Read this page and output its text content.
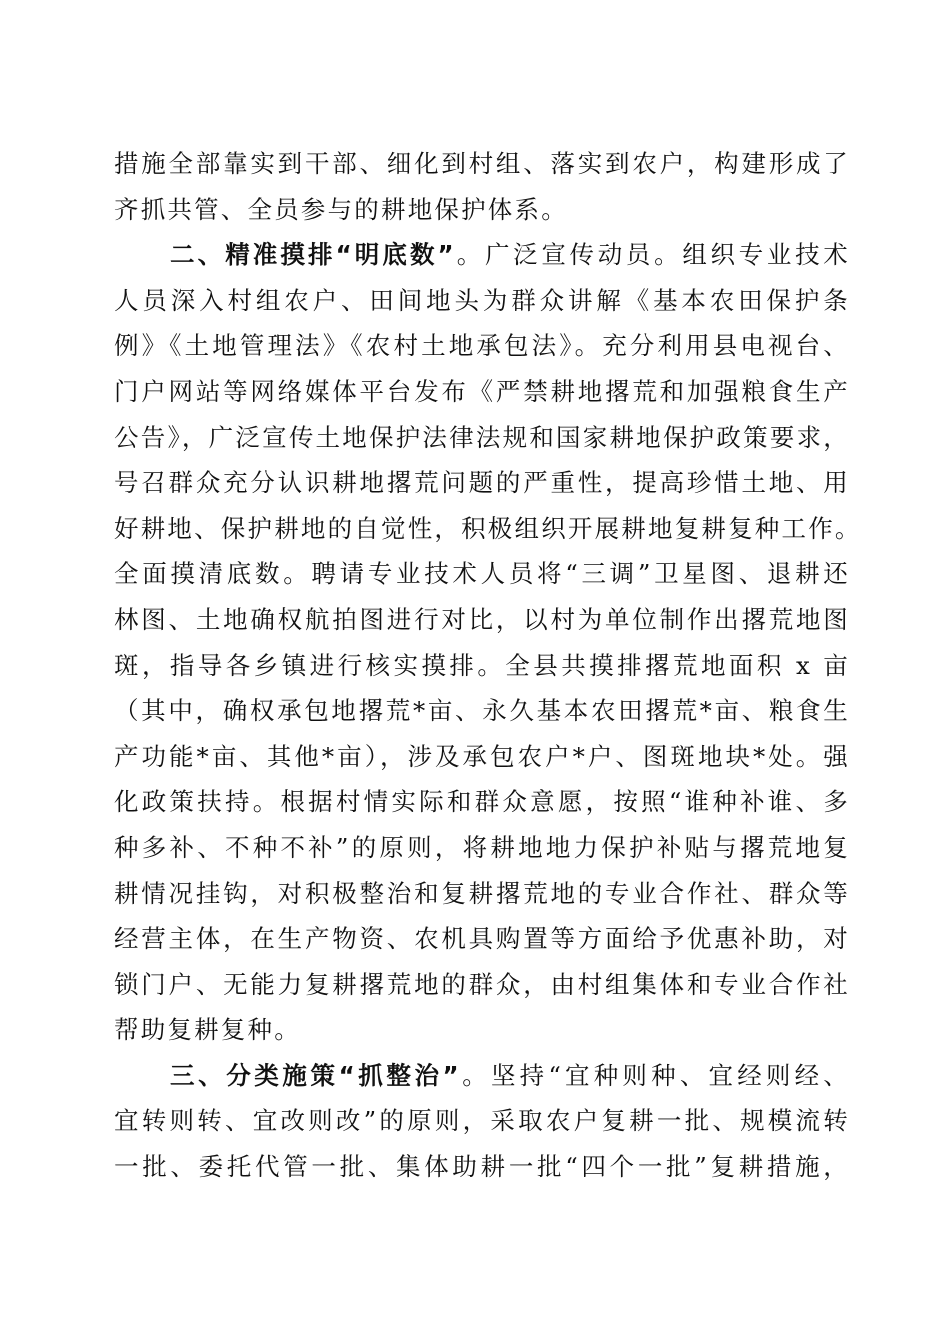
措施全部靠实到干部、细化到村组、落实到农户，构建形成了
齐抓共管、全员参与的耕地保护体系。
二、精准摸排“明底数”。广泛宣传动员。组织专业技术
人员深入村组农户、田间地头为群众讲解《基本农田保护条
例》《土地管理法》《农村土地承包法》。充分利用县电视台、
门户网站等网络媒体平台发布《严禁耕地撂荒和加强粮食生产
公告》，广泛宣传土地保护法律法规和国家耕地保护政策要求，
号召群众充分认识耕地撂荒问题的严重性，提高珍惜土地、用
好耕地、保护耕地的自觉性，积极组织开展耕地复耕复种工作。
全面摸清底数。聘请专业技术人员将“三调”卫星图、退耕还
林图、土地确权航拍图进行对比，以村为单位制作出撂荒地图
斑，指导各乡镇进行核实摸排。全县共摸排撂荒地面积 x 亩
（其中，确权承包地撂荒*亩、永久基本农田撂荒*亩、粮食生
产功能*亩、其他*亩），涉及承包农户*户、图斑地块*处。强
化政策扶持。根据村情实际和群众意愿，按照“谁种补谁、多
种多补、不种不补”的原则，将耕地地力保护补贴与撂荒地复
耕情况挂钩，对积极整治和复耕撂荒地的专业合作社、群众等
经营主体，在生产物资、农机具购置等方面给予优惠补助，对
锁门户、无能力复耕撂荒地的群众，由村组集体和专业合作社
帮助复耕复种。
三、分类施策“抓整治”。坚持“宜种则种、宜经则经、
宜转则转、宜改则改”的原则，采取农户复耕一批、规模流转
一批、委托代管一批、集体助耕一批“四个一批”复耕措施，
